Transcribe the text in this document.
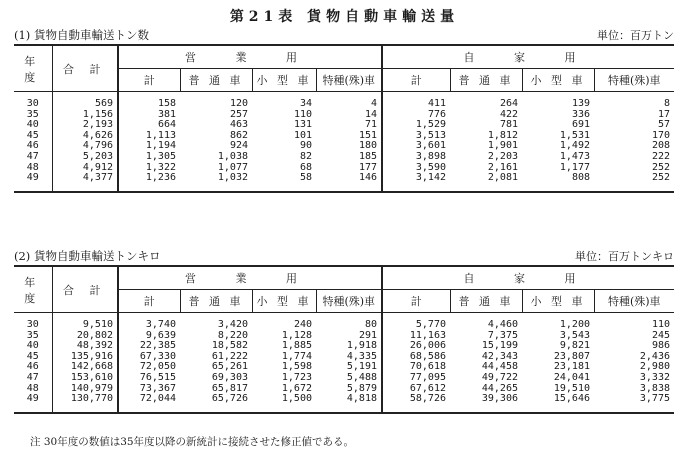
第21表 貨物自動車輸送量
(1) 貨物自動車輸送トン数	単位：百万トン
年 度	合 計	営 業 用				自 家 用			
		計	普 通 車	小 型 車	特種(殊)車	計	普 通 車	小 型 車	特種(殊)車

30	569	158	120	34	4	411	264	139	8
35	1,156	381	257	110	14	776	422	336	17
40	2,193	664	463	131	71	1,529	781	691	57
45	4,626	1,113	862	101	151	3,513	1,812	1,531	170
46	4,796	1,194	924	90	180	3,601	1,901	1,492	208
47	5,203	1,305	1,038	82	185	3,898	2,203	1,473	222
48	4,912	1,322	1,077	68	177	3,590	2,161	1,177	252
49	4,377	1,236	1,032	58	146	3,142	2,081	808	252

(2) 貨物自動車輸送トンキロ	単位：百万トンキロ
年 度	合 計	営 業 用				自 家 用			
		計	普 通 車	小 型 車	特種(殊)車	計	普 通 車	小 型 車	特種(殊)車

30	9,510	3,740	3,420	240	80	5,770	4,460	1,200	110
35	20,802	9,639	8,220	1,128	291	11,163	7,375	3,543	245
40	48,392	22,385	18,582	1,885	1,918	26,006	15,199	9,821	986
45	135,916	67,330	61,222	1,774	4,335	68,586	42,343	23,807	2,436
46	142,668	72,050	65,261	1,598	5,191	70,618	44,458	23,181	2,980
47	153,610	76,515	69,303	1,723	5,488	77,095	49,722	24,041	3,332
48	140,979	73,367	65,817	1,672	5,879	67,612	44,265	19,510	3,838
49	130,770	72,044	65,726	1,500	4,818	58,726	39,306	15,646	3,775

注 30年度の数値は35年度以降の新統計に接続させた修正値である。
